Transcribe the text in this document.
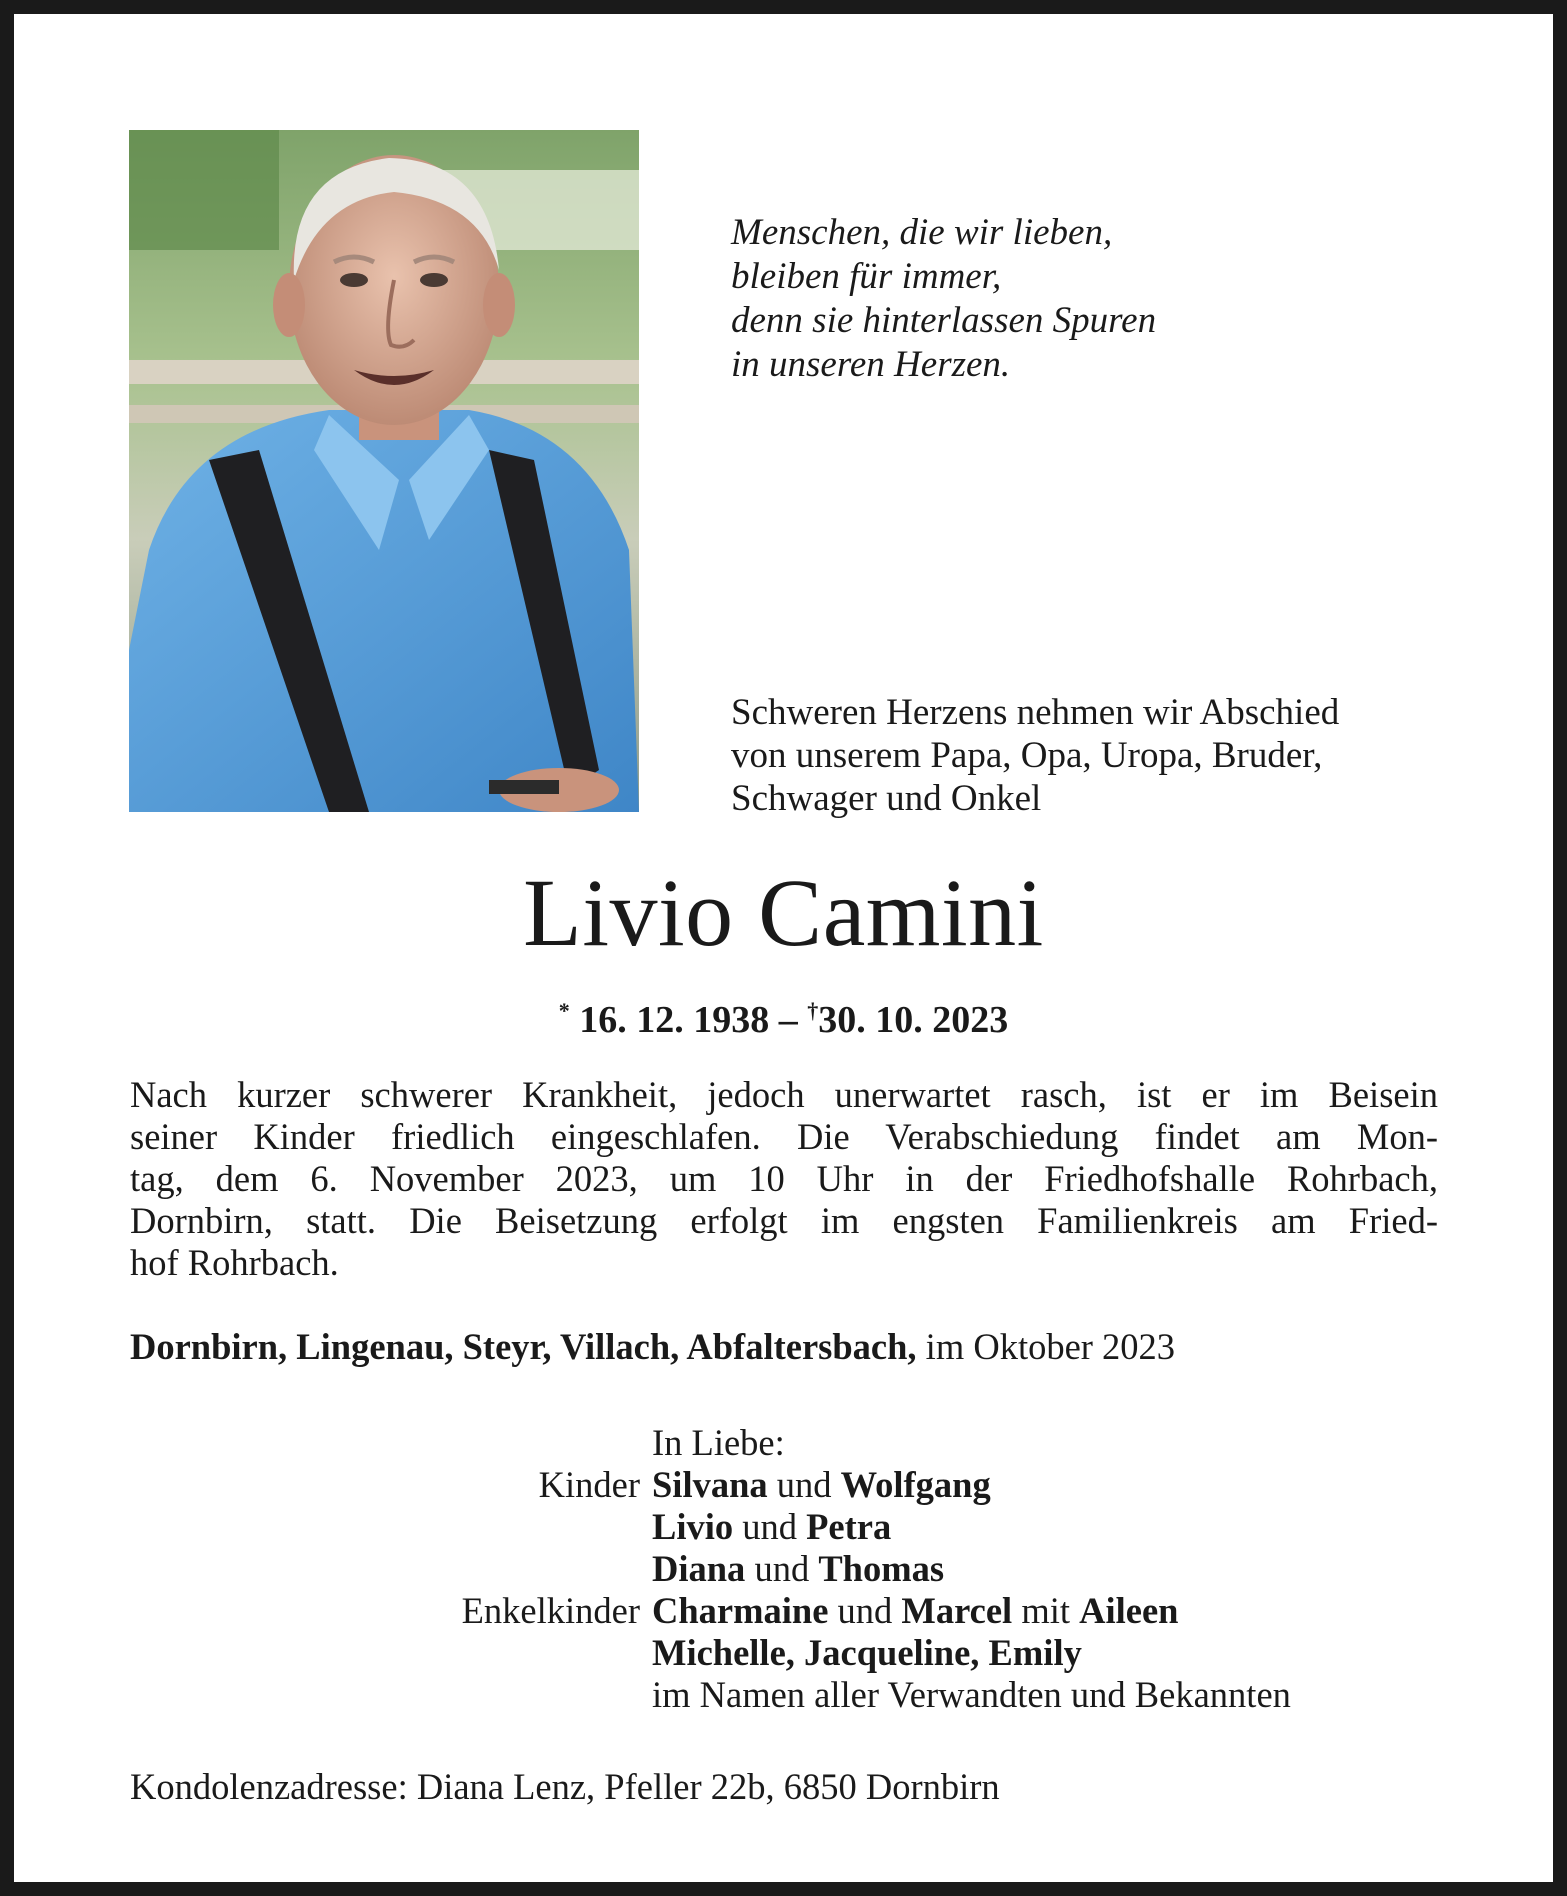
Menschen, die wir lieben,
bleiben für immer,
denn sie hinterlassen Spuren
in unseren Herzen.
Schweren Herzens nehmen wir Abschied
von unserem Papa, Opa, Uropa, Bruder,
Schwager und Onkel
Livio Camini
* 16. 12. 1938 – †30. 10. 2023
Nach kurzer schwerer Krankheit, jedoch unerwartet rasch, ist er im Beisein
seiner Kinder friedlich eingeschlafen. Die Verabschiedung findet am Mon-
tag, dem 6. November 2023, um 10 Uhr in der Friedhofshalle Rohrbach,
Dornbirn, statt. Die Beisetzung erfolgt im engsten Familienkreis am Fried-
hof Rohrbach.
Dornbirn, Lingenau, Steyr, Villach, Abfaltersbach, im Oktober 2023
In Liebe:
Kinder Silvana und Wolfgang
Livio und Petra
Diana und Thomas
Enkelkinder Charmaine und Marcel mit Aileen
Michelle, Jacqueline, Emily
im Namen aller Verwandten und Bekannten
Kondolenzadresse: Diana Lenz, Pfeller 22b, 6850 Dornbirn
